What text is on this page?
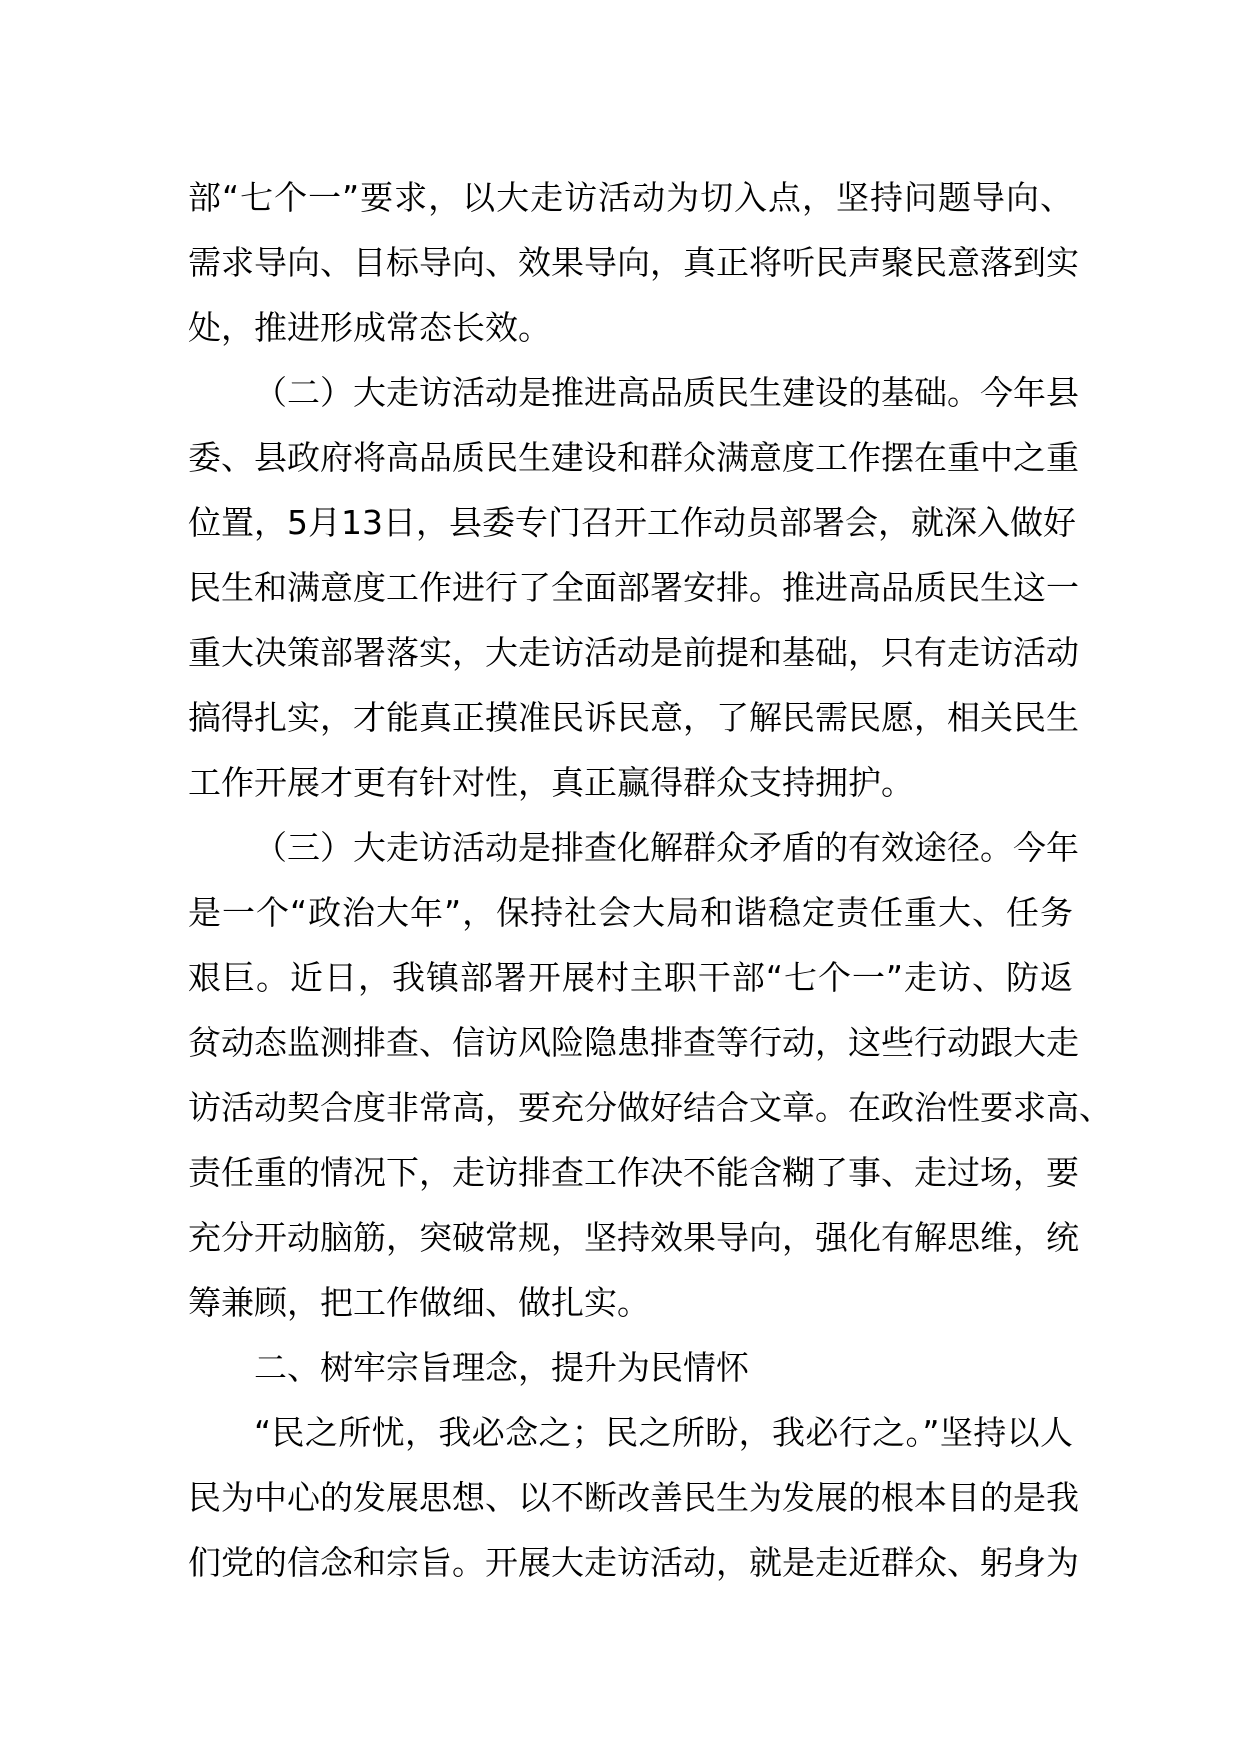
部“七个一”要求，以大走访活动为切入点，坚持问题导向、
需求导向、目标导向、效果导向，真正将听民声聚民意落到实
处，推进形成常态长效。
（二）大走访活动是推进高品质民生建设的基础。今年县
委、县政府将高品质民生建设和群众满意度工作摆在重中之重
位置，5月13日，县委专门召开工作动员部署会，就深入做好
民生和满意度工作进行了全面部署安排。推进高品质民生这一
重大决策部署落实，大走访活动是前提和基础，只有走访活动
搞得扎实，才能真正摸准民诉民意，了解民需民愿，相关民生
工作开展才更有针对性，真正赢得群众支持拥护。
（三）大走访活动是排查化解群众矛盾的有效途径。今年
是一个“政治大年”，保持社会大局和谐稳定责任重大、任务
艰巨。近日，我镇部署开展村主职干部“七个一”走访、防返
贫动态监测排查、信访风险隐患排查等行动，这些行动跟大走
访活动契合度非常高，要充分做好结合文章。在政治性要求高、
责任重的情况下，走访排查工作决不能含糊了事、走过场，要
充分开动脑筋，突破常规，坚持效果导向，强化有解思维，统
筹兼顾，把工作做细、做扎实。
二、树牢宗旨理念，提升为民情怀
“民之所忧，我必念之；民之所盼，我必行之。”坚持以人
民为中心的发展思想、以不断改善民生为发展的根本目的是我
们党的信念和宗旨。开展大走访活动，就是走近群众、躬身为
